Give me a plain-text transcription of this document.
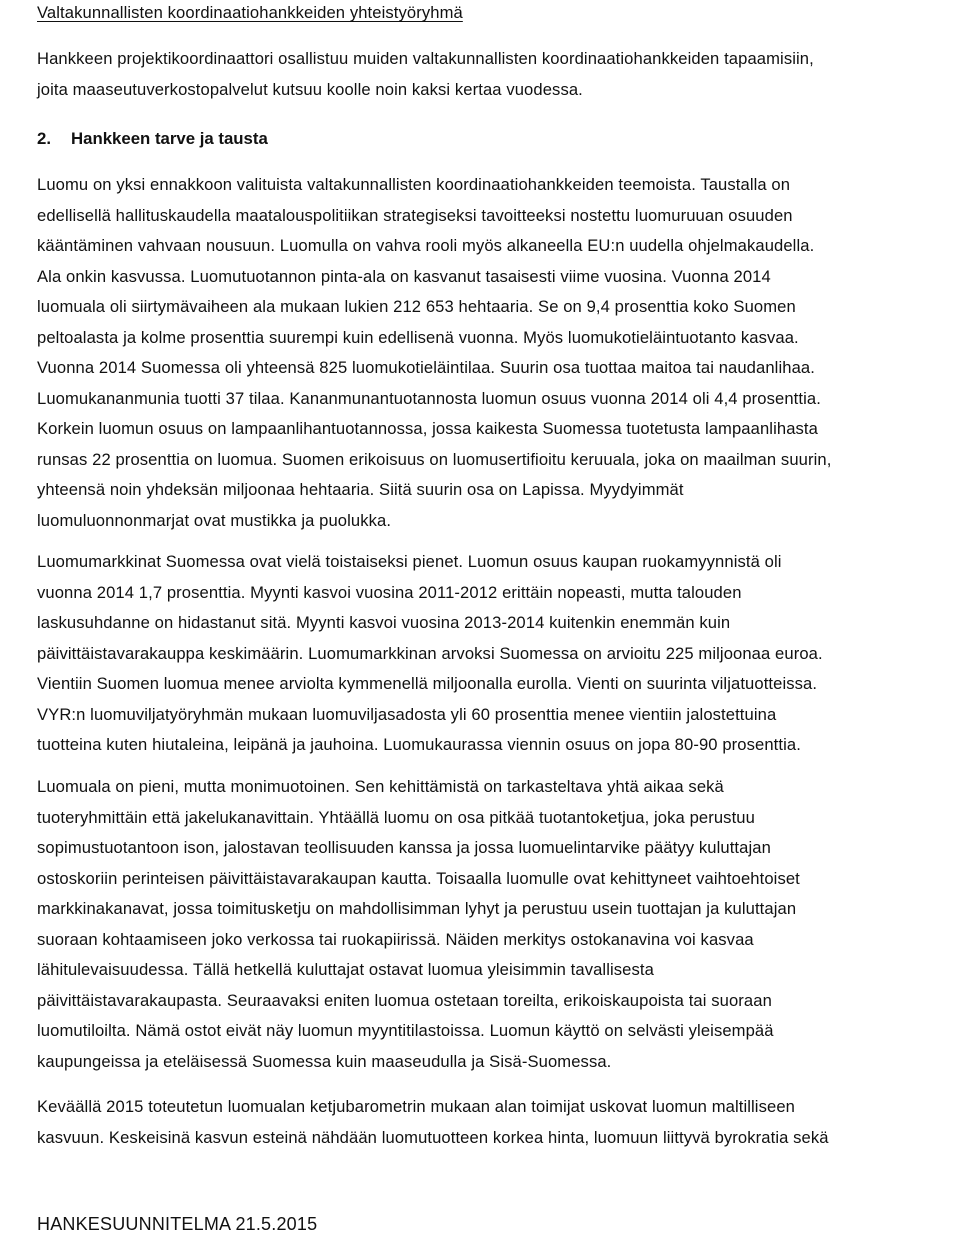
Valtakunnallisten koordinaatiohankkeiden yhteistyöryhmä
Hankkeen projektikoordinaattori osallistuu muiden valtakunnallisten koordinaatiohankkeiden tapaamisiin,
joita maaseutuverkostopalvelut kutsuu koolle noin kaksi kertaa vuodessa.
2. Hankkeen tarve ja tausta
Luomu on yksi ennakkoon valituista valtakunnallisten koordinaatiohankkeiden teemoista. Taustalla on
edellisellä hallituskaudella maatalouspolitiikan strategiseksi tavoitteeksi nostettu luomuruuan osuuden
kääntäminen vahvaan nousuun. Luomulla on vahva rooli myös alkaneella EU:n uudella ohjelmakaudella.
Ala onkin kasvussa. Luomutuotannon pinta-ala on kasvanut tasaisesti viime vuosina. Vuonna 2014
luomuala oli siirtymävaiheen ala mukaan lukien 212 653 hehtaaria. Se on 9,4 prosenttia koko Suomen
peltoalasta ja kolme prosenttia suurempi kuin edellisenä vuonna. Myös luomukotieläintuotanto kasvaa.
Vuonna 2014 Suomessa oli yhteensä 825 luomukotieläintilaa. Suurin osa tuottaa maitoa tai naudanlihaa.
Luomukananmunia tuotti 37 tilaa. Kananmunantuotannosta luomun osuus vuonna 2014 oli 4,4 prosenttia.
Korkein luomun osuus on lampaanlihantuotannossa, jossa kaikesta Suomessa tuotetusta lampaanlihasta
runsas 22 prosenttia on luomua. Suomen erikoisuus on luomusertifioitu keruuala, joka on maailman suurin,
yhteensä noin yhdeksän miljoonaa hehtaaria. Siitä suurin osa on Lapissa. Myydyimmät
luomuluonnonmarjat ovat mustikka ja puolukka.
Luomumarkkinat Suomessa ovat vielä toistaiseksi pienet. Luomun osuus kaupan ruokamyynnistä oli
vuonna 2014 1,7 prosenttia. Myynti kasvoi vuosina 2011-2012 erittäin nopeasti, mutta talouden
laskusuhdanne on hidastanut sitä. Myynti kasvoi vuosina 2013-2014 kuitenkin enemmän kuin
päivittäistavarakauppa keskimäärin. Luomumarkkinan arvoksi Suomessa on arvioitu 225 miljoonaa euroa.
Vientiin Suomen luomua menee arviolta kymmenellä miljoonalla eurolla. Vienti on suurinta viljatuotteissa.
VYR:n luomuviljatyöryhmän mukaan luomuviljasadosta yli 60 prosenttia menee vientiin jalostettuina
tuotteina kuten hiutaleina, leipänä ja jauhoina. Luomukaurassa viennin osuus on jopa 80-90 prosenttia.
Luomuala on pieni, mutta monimuotoinen. Sen kehittämistä on tarkasteltava yhtä aikaa sekä
tuoteryhmittäin että jakelukanavittain. Yhtäällä luomu on osa pitkää tuotantoketjua, joka perustuu
sopimustuotantoon ison, jalostavan teollisuuden kanssa ja jossa luomuelintarvike päätyy kuluttajan
ostoskoriin perinteisen päivittäistavarakaupan kautta. Toisaalla luomulle ovat kehittyneet vaihtoehtoiset
markkinakanavat, jossa toimitusketju on mahdollisimman lyhyt ja perustuu usein tuottajan ja kuluttajan
suoraan kohtaamiseen joko verkossa tai ruokapiirissä. Näiden merkitys ostokanavina voi kasvaa
lähitulevaisuudessa. Tällä hetkellä kuluttajat ostavat luomua yleisimmin tavallisesta
päivittäistavarakaupasta. Seuraavaksi eniten luomua ostetaan toreilta, erikoiskaupoista tai suoraan
luomutiloilta. Nämä ostot eivät näy luomun myyntitilastoissa. Luomun käyttö on selvästi yleisempää
kaupungeissa ja eteläisessä Suomessa kuin maaseudulla ja Sisä-Suomessa.
Keväällä 2015 toteutetun luomualan ketjubarometrin mukaan alan toimijat uskovat luomun maltilliseen
kasvuun. Keskeisinä kasvun esteinä nähdään luomutuotteen korkea hinta, luomuun liittyvä byrokratia sekä
HANKESUUNNITELMA 21.5.2015
